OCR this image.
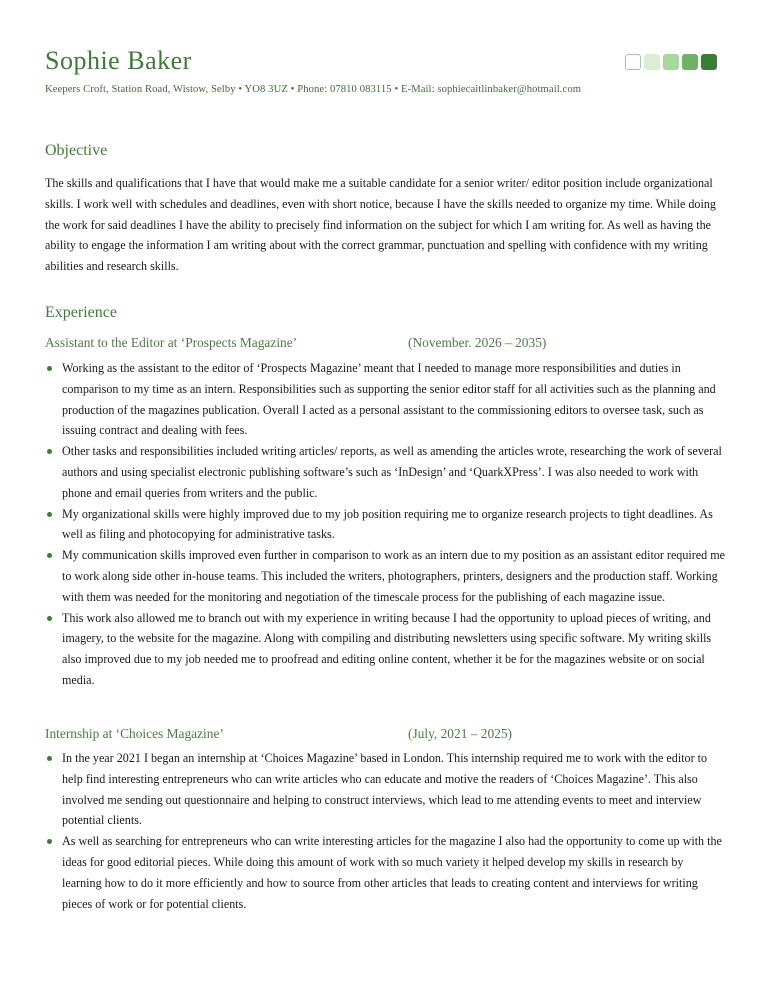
Sophie Baker
Keepers Croft, Station Road, Wistow, Selby • YO8 3UZ • Phone: 07810 083115 • E-Mail: sophiecaitlinbaker@hotmail.com
Objective

The skills and qualifications that I have that would make me a suitable candidate for a senior writer/ editor position include organizational skills. I work well with schedules and deadlines, even with short notice, because I have the skills needed to organize my time. While doing the work for said deadlines I have the ability to precisely find information on the subject for which I am writing for. As well as having the ability to engage the information I am writing about with the correct grammar, punctuation and spelling with confidence with my writing abilities and research skills.

Experience
Assistant to the Editor at ‘Prospects Magazine’	(November. 2026 – 2035)
Working as the assistant to the editor of ‘Prospects Magazine’ meant that I needed to manage more responsibilities and duties in comparison to my time as an intern. Responsibilities such as supporting the senior editor staff for all activities such as the planning and production of the magazines publication. Overall I acted as a personal assistant to the commissioning editors to oversee task, such as issuing contract and dealing with fees.
Other tasks and responsibilities included writing articles/ reports, as well as amending the articles wrote, researching the work of several authors and using specialist electronic publishing software’s such as ‘InDesign’ and ‘QuarkXPress’. I was also needed to work with phone and email queries from writers and the public.
My organizational skills were highly improved due to my job position requiring me to organize research projects to tight deadlines. As well as filing and photocopying for administrative tasks.
My communication skills improved even further in comparison to work as an intern due to my position as an assistant editor required me to work along side other in-house teams. This included the writers, photographers, printers, designers and the production staff. Working with them was needed for the monitoring and negotiation of the timescale process for the publishing of each magazine issue.
This work also allowed me to branch out with my experience in writing because I had the opportunity to upload pieces of writing, and imagery, to the website for the magazine. Along with compiling and distributing newsletters using specific software. My writing skills also improved due to my job needed me to proofread and editing online content, whether it be for the magazines website or on social media.
Internship at ‘Choices Magazine’	(July, 2021 – 2025)
In the year 2021 I began an internship at ‘Choices Magazine’ based in London. This internship required me to work with the editor to help find interesting entrepreneurs who can write articles who can educate and motive the readers of ‘Choices Magazine’. This also involved me sending out questionnaire and helping to construct interviews, which lead to me attending events to meet and interview potential clients.
As well as searching for entrepreneurs who can write interesting articles for the magazine I also had the opportunity to come up with the ideas for good editorial pieces. While doing this amount of work with so much variety it helped develop my skills in research by learning how to do it more efficiently and how to source from other articles that leads to creating content and interviews for writing pieces of work or for potential clients.
